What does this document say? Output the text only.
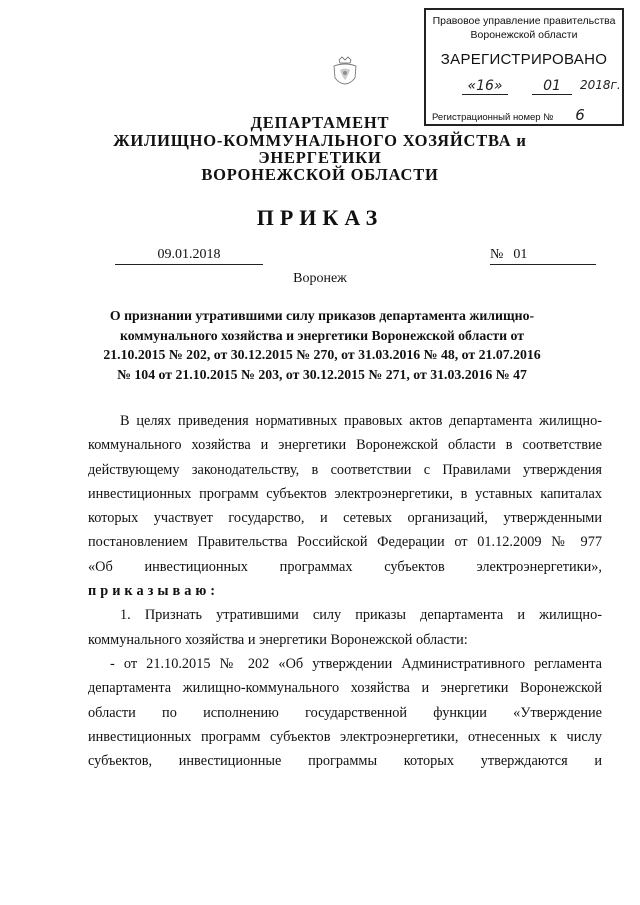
Правовое управление правительства
Воронежской области
ЗАРЕГИСТРИРОВАНО
«16»	01	2018г.
Регистрационный номер № 6
ДЕПАРТАМЕНТ
ЖИЛИЩНО-КОММУНАЛЬНОГО ХОЗЯЙСТВА и
ЭНЕРГЕТИКИ
ВОРОНЕЖСКОЙ ОБЛАСТИ
ПРИКАЗ
09.01.2018	№ 01
Воронеж
О признании утратившими силу приказов департамента жилищно-
коммунального хозяйства и энергетики Воронежской области от
21.10.2015 № 202, от 30.12.2015 № 270, от 31.03.2016 № 48, от 21.07.2016
№ 104 от 21.10.2015 № 203, от 30.12.2015 № 271, от 31.03.2016 № 47
В целях приведения нормативных правовых актов департамента жилищно-
коммунального хозяйства и энергетики Воронежской области в соответствие
действующему законодательству, в соответствии с Правилами утверждения
инвестиционных программ субъектов электроэнергетики, в уставных капиталах
которых участвует государство, и сетевых организаций, утвержденными
постановлением Правительства Российской Федерации от 01.12.2009 № 977
«Об инвестиционных программах субъектов электроэнергетики»,
приказываю:
1. Признать утратившими силу приказы департамента и жилищно-
коммунального хозяйства и энергетики Воронежской области:
- от 21.10.2015 № 202 «Об утверждении Административного регламента
департамента жилищно-коммунального хозяйства и энергетики Воронежской
области по исполнению государственной функции «Утверждение
инвестиционных программ субъектов электроэнергетики, отнесенных к числу
субъектов, инвестиционные программы которых утверждаются и
